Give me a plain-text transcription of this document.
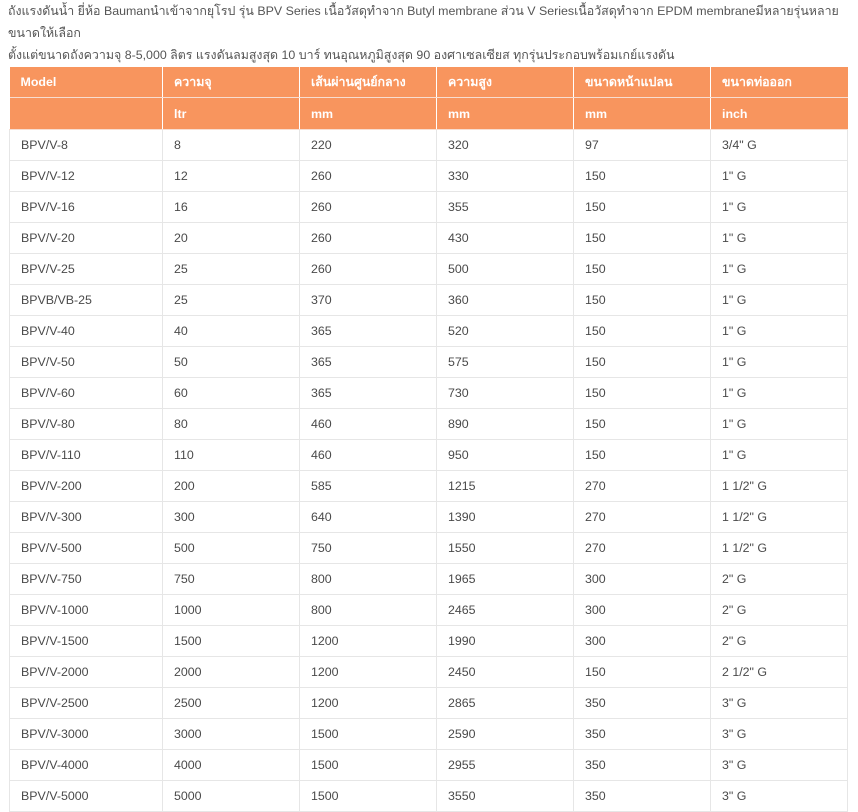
ถังแรงดันน้ำ ยี่ห้อ Baumanนำเข้าจากยุโรป รุ่น BPV Series เนื้อวัสดุทำจาก Butyl membrane ส่วน V Seriesเนื้อวัสดุทำจาก EPDM membraneมีหลายรุ่นหลายขนาดให้เลือก
ตั้งแต่ขนาดถังความจุ 8-5,000 ลิตร แรงดันลมสูงสุด 10 บาร์ ทนอุณหภูมิสูงสุด 90 องศาเซลเซียส ทุกรุ่นประกอบพร้อมเกย์แรงดัน
Model	ความจุ	เส้นผ่านศูนย์กลาง	ความสูง	ขนาดหน้าแปลน	ขนาดท่อออก
	ltr	mm	mm	mm	inch
BPV/V-8	8	220	320	97	3/4" G
BPV/V-12	12	260	330	150	1" G
BPV/V-16	16	260	355	150	1" G
BPV/V-20	20	260	430	150	1" G
BPV/V-25	25	260	500	150	1" G
BPVB/VB-25	25	370	360	150	1" G
BPV/V-40	40	365	520	150	1" G
BPV/V-50	50	365	575	150	1" G
BPV/V-60	60	365	730	150	1" G
BPV/V-80	80	460	890	150	1" G
BPV/V-110	110	460	950	150	1" G
BPV/V-200	200	585	1215	270	1 1/2" G
BPV/V-300	300	640	1390	270	1 1/2" G
BPV/V-500	500	750	1550	270	1 1/2" G
BPV/V-750	750	800	1965	300	2" G
BPV/V-1000	1000	800	2465	300	2" G
BPV/V-1500	1500	1200	1990	300	2" G
BPV/V-2000	2000	1200	2450	150	2 1/2" G
BPV/V-2500	2500	1200	2865	350	3" G
BPV/V-3000	3000	1500	2590	350	3" G
BPV/V-4000	4000	1500	2955	350	3" G
BPV/V-5000	5000	1500	3550	350	3" G
